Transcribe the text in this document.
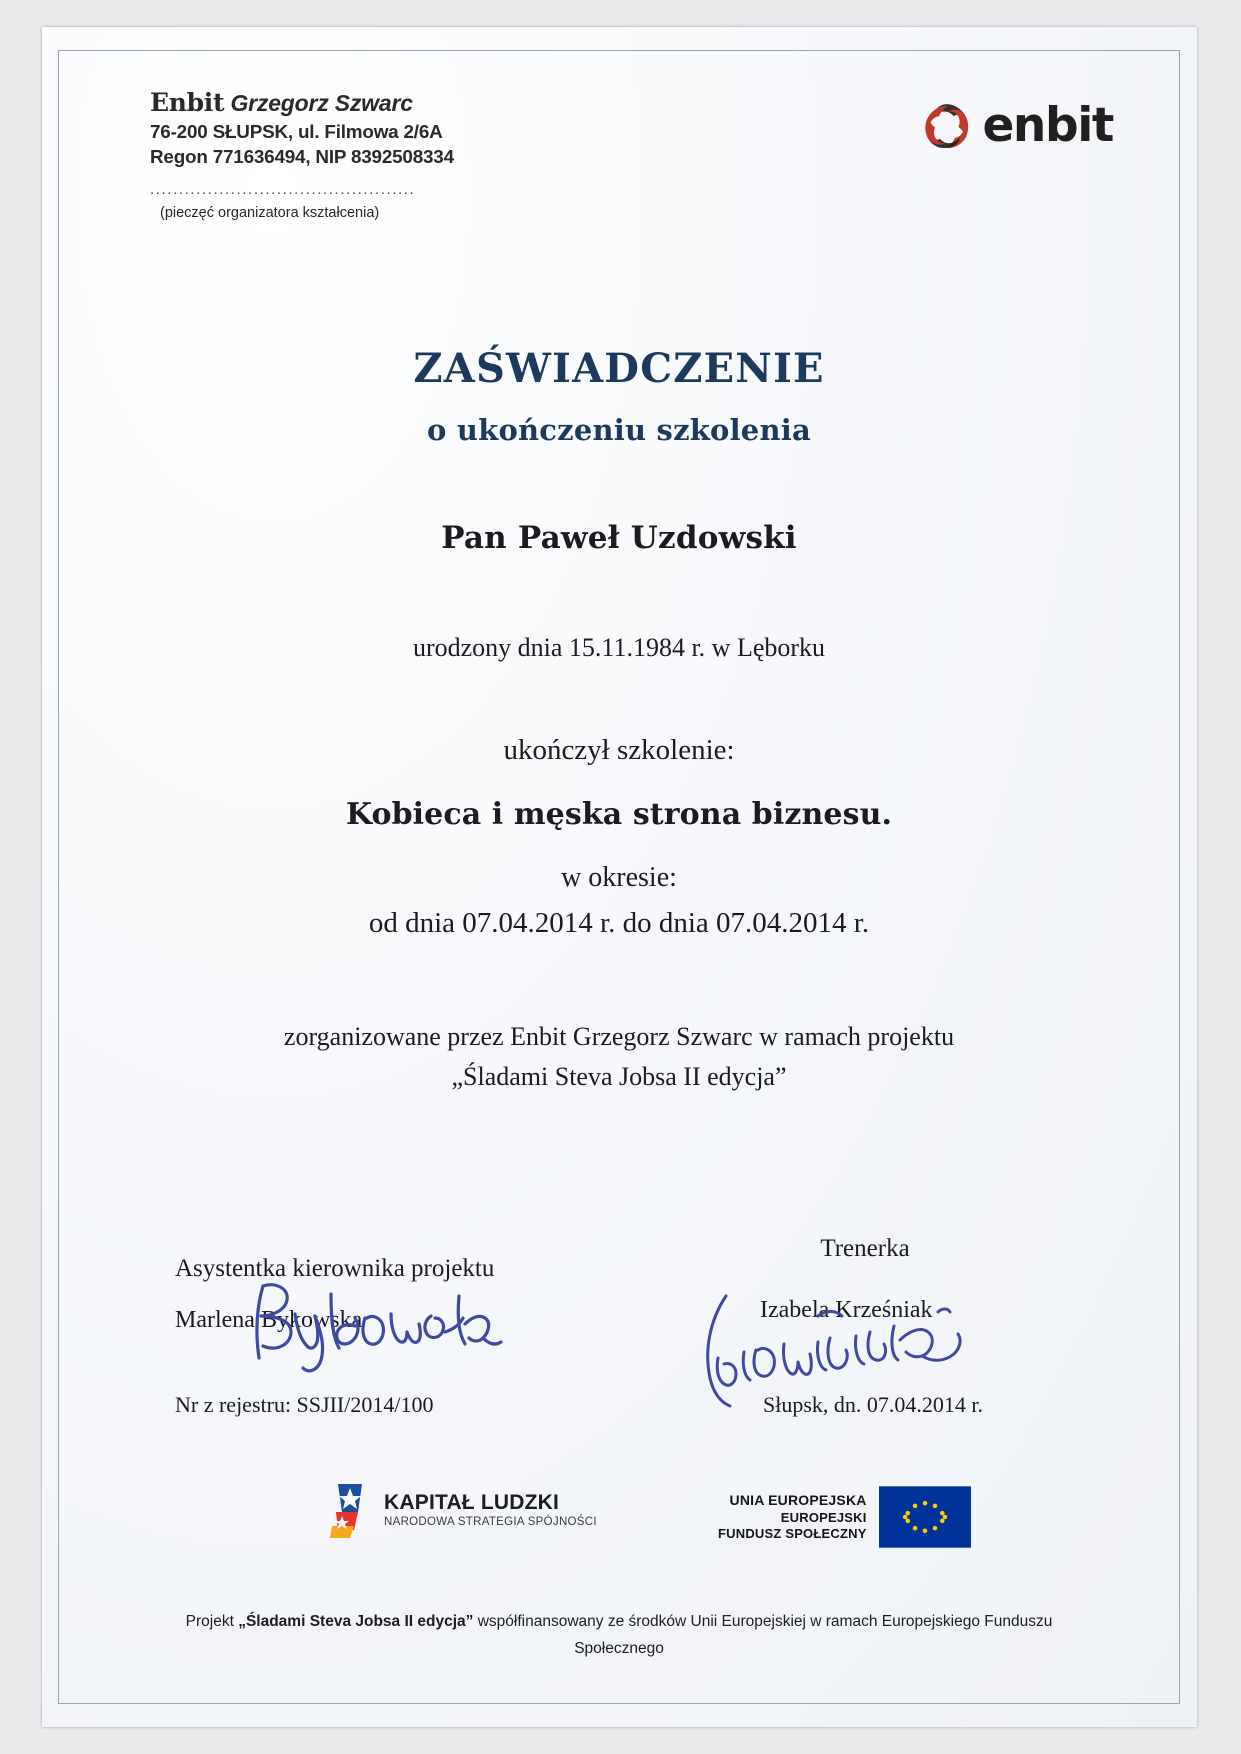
Enbit Grzegorz Szwarc
76-200 SŁUPSK, ul. Filmowa 2/6A
Regon 771636494, NIP 8392508334
..............................................
(pieczęć organizatora kształcenia)
enbit
ZAŚWIADCZENIE
o ukończeniu szkolenia
Pan Paweł Uzdowski
urodzony dnia 15.11.1984 r. w Lęborku
ukończył szkolenie:
Kobieca i męska strona biznesu.
w okresie:
od dnia 07.04.2014 r. do dnia 07.04.2014 r.
zorganizowane przez Enbit Grzegorz Szwarc w ramach projektu
„Śladami Steva Jobsa II edycja”
Asystentka kierownika projektu
Marlena Bykowska
Trenerka
Izabela Krześniak
Nr z rejestru: SSJII/2014/100	Słupsk, dn. 07.04.2014 r.
KAPITAŁ LUDZKI
NARODOWA STRATEGIA SPÓJNOŚCI
UNIA EUROPEJSKA
EUROPEJSKI
FUNDUSZ SPOŁECZNY
Projekt „Śladami Steva Jobsa II edycja” współfinansowany ze środków Unii Europejskiej w ramach Europejskiego Funduszu
Społecznego
